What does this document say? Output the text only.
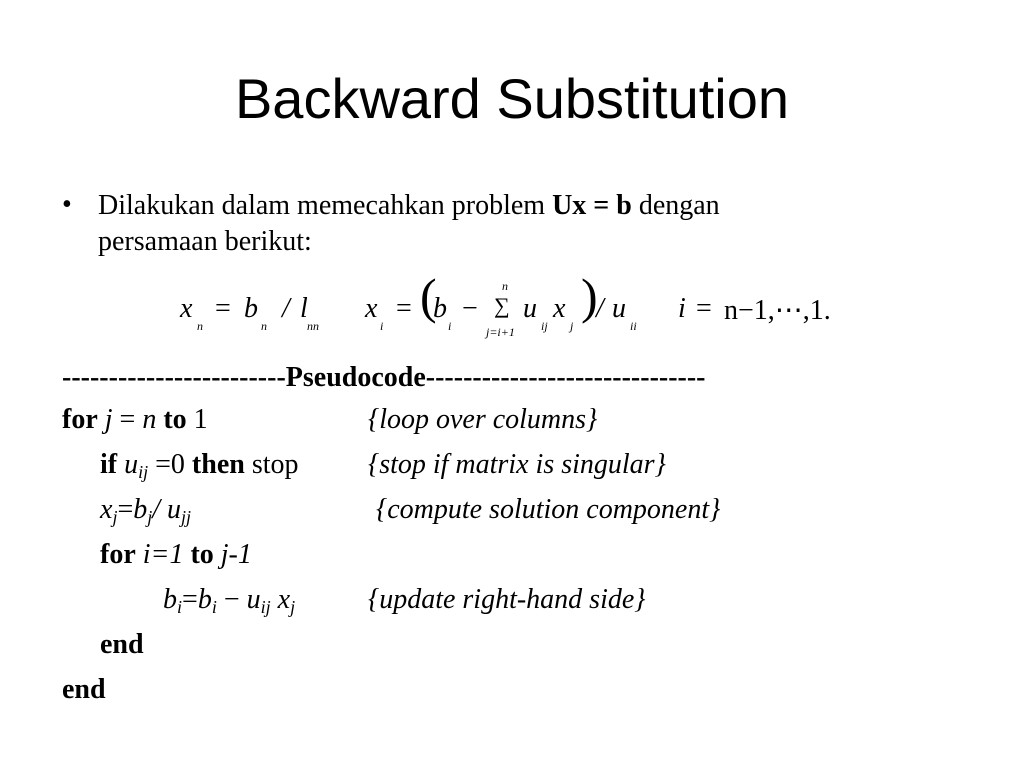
Backward Substitution
• Dilakukan dalam memecahkan problem Ux = b dengan
persamaan berikut:
x
n
= b
n
/ l
nn
x
i
= (
b
i
−
n
∑
j=i+1
u
ij
x
j
)
/ u
ii
i = n−1,⋯,1.
------------------------Pseudocode------------------------------
for j = n to 1	{loop over columns}
if $u_{ij} =0$ then stop {stop if matrix is singular}
$x_j=b_j/$ $u_{jj}$	{compute solution component}
for i=1 to j-1
$b_i=b_i - u_{ij}$ $x_j$	{update right-hand side}
end
end
